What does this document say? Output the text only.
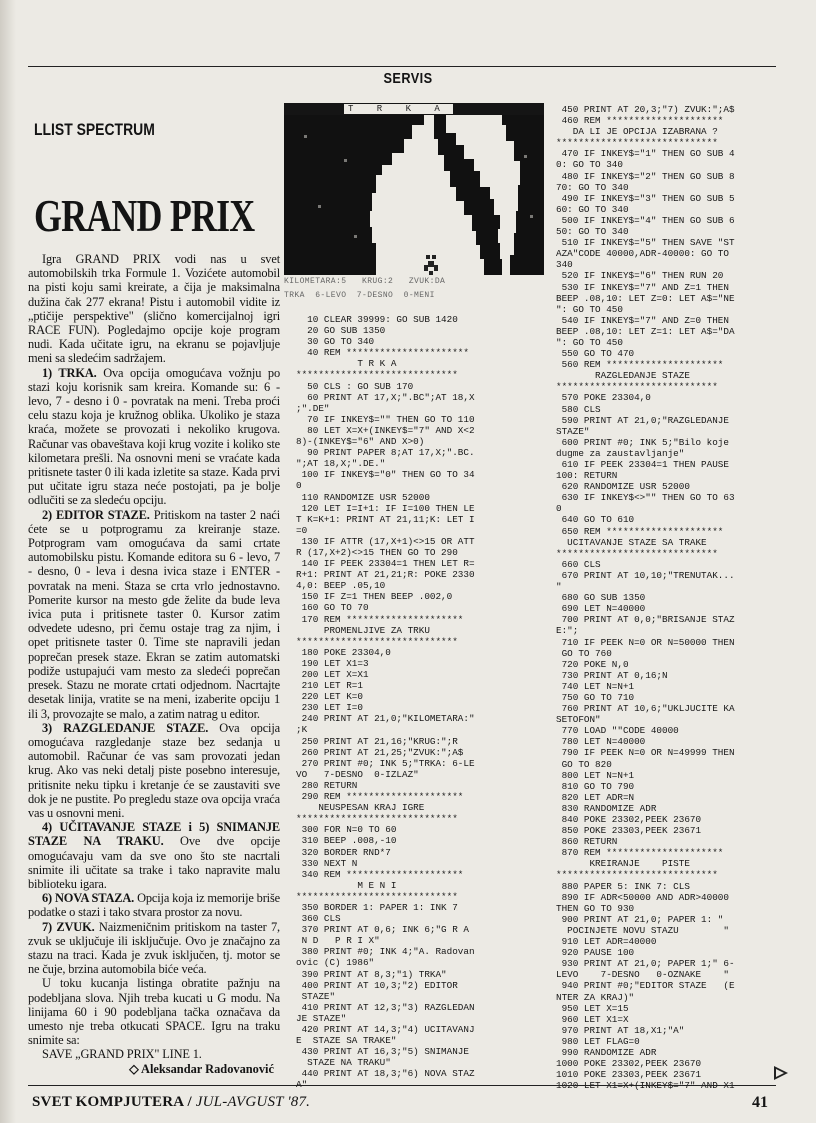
SERVIS
LLIST SPECTRUM
GRAND PRIX

Igra GRAND PRIX vodi nas u svet automobilskih trka Formule 1. Vozićete automobil na pisti koju sami kreirate, a čija je maksimalna dužina čak 277 ekrana! Pistu i automobil vidite iz „ptičije perspektive" (slično komercijalnoj igri RACE FUN). Pogledajmo opcije koje program nudi. Kada učitate igru, na ekranu se pojavljuje meni sa sledećim sadržajem.

1) TRKA. Ova opcija omogućava vožnju po stazi koju korisnik sam kreira. Komande su: 6 - levo, 7 - desno i 0 - povratak na meni. Treba proći celu stazu koja je kružnog oblika. Ukoliko je staza kraća, možete se provozati i nekoliko krugova. Računar vas obaveštava koji krug vozite i koliko ste kilometara prešli. Na osnovni meni se vraćate kada pritisnete taster 0 ili kada izletite sa staze. Kada prvi put učitate igru staza neće postojati, pa je bolje odlučiti se za sledeću opciju.

2) EDITOR STAZE. Pritiskom na taster 2 naći ćete se u potprogramu za kreiranje staze. Potprogram vam omogućava da sami crtate automobilsku pistu. Komande editora su 6 - levo, 7 - desno, 0 - leva i desna ivica staze i ENTER - povratak na meni. Staza se crta vrlo jednostavno. Pomerite kursor na mesto gde želite da bude leva ivica puta i pritisnete taster 0. Kursor zatim odvedete udesno, pri čemu ostaje trag za njim, i opet pritisnete taster 0. Time ste napravili jedan poprečan presek staze. Ekran se zatim automatski podiže ustupajući vam mesto za sledeći poprečan presek. Stazu ne morate crtati odjednom. Nacrtajte desetak linija, vratite se na meni, izaberite opciju 1 ili 3, provozajte se malo, a zatim natrag u editor.

3) RAZGLEDANJE STAZE. Ova opcija omogućava razgledanje staze bez sedanja u automobil. Računar će vas sam provozati jedan krug. Ako vas neki detalj piste posebno interesuje, pritisnite neku tipku i kretanje će se zaustaviti sve dok je ne pustite. Po pregledu staze ova opcija vraća vas u osnovni meni.

4) UČITAVANJE STAZE i 5) SNIMANJE STAZE NA TRAKU. Ove dve opcije omogućavaju vam da sve ono što ste nacrtali snimite ili učitate sa trake i tako napravite malu biblioteku igara.

6) NOVA STAZA. Opcija koja iz memorije briše podatke o stazi i tako stvara prostor za novu.

7) ZVUK. Naizmeničnim pritiskom na taster 7, zvuk se uključuje ili isključuje. Ovo je značajno za stazu na traci. Kada je zvuk isključen, tj. motor se ne čuje, brzina automobila biće veća.

U toku kucanja listinga obratite pažnju na podebljana slova. Njih treba kucati u G modu. Na linijama 60 i 90 podebljana tačka označava da umesto nje treba otkucati SPACE. Igru na traku snimite sa:

SAVE „GRAND PRIX" LINE 1.

◇ Aleksandar Radovanović
T R K A
KILOMETARA:5   KRUG:2   ZVUK:DA
TRKA  6-LEVO  7-DESNO  0-MENI
10 CLEAR 39999: GO SUB 1420
20 GO SUB 1350
30 GO TO 340
40 REM **********************
T R K A
*****************************
50 CLS : GO SUB 170
60 PRINT AT 17,X;".BC";AT 18,X
;".DE"
70 IF INKEY$="" THEN GO TO 110
80 LET X=X+(INKEY$="7" AND X<2
8)-(INKEY$="6" AND X>0)
90 PRINT PAPER 8;AT 17,X;".BC.
";AT 18,X;".DE."
100 IF INKEY$="0" THEN GO TO 34
0
110 RANDOMIZE USR 52000
120 LET I=I+1: IF I=100 THEN LE
T K=K+1: PRINT AT 21,11;K: LET I
=0
130 IF ATTR (17,X+1)<>15 OR ATT
R (17,X+2)<>15 THEN GO TO 290
140 IF PEEK 23304=1 THEN LET R=
R+1: PRINT AT 21,21;R: POKE 2330
4,0: BEEP .05,10
150 IF Z=1 THEN BEEP .002,0
160 GO TO 70
170 REM *********************
PROMENLJIVE ZA TRKU
*****************************
180 POKE 23304,0
190 LET X1=3
200 LET X=X1
210 LET R=1
220 LET K=0
230 LET I=0
240 PRINT AT 21,0;"KILOMETARA:"
;K
250 PRINT AT 21,16;"KRUG:";R
260 PRINT AT 21,25;"ZVUK:";A$
270 PRINT #0; INK 5;"TRKA: 6-LE
VO   7-DESNO  0-IZLAZ"
280 RETURN
290 REM *********************
NEUSPESAN KRAJ IGRE
*****************************
300 FOR N=0 TO 60
310 BEEP .008,-10
320 BORDER RND*7
330 NEXT N
340 REM *********************
M E N I
*****************************
350 BORDER 1: PAPER 1: INK 7
360 CLS
370 PRINT AT 0,6; INK 6;"G R A
N D   P R I X"
380 PRINT #0; INK 4;"A. Radovan
ovic (C) 1986"
390 PRINT AT 8,3;"1) TRKA"
400 PRINT AT 10,3;"2) EDITOR
STAZE"
410 PRINT AT 12,3;"3) RAZGLEDAN
JE STAZE"
420 PRINT AT 14,3;"4) UCITAVANJ
E  STAZE SA TRAKE"
430 PRINT AT 16,3;"5) SNIMANJE
STAZE NA TRAKU"
440 PRINT AT 18,3;"6) NOVA STAZ
A"
450 PRINT AT 20,3;"7) ZVUK:";A$
460 REM *********************
DA LI JE OPCIJA IZABRANA ?
*****************************
470 IF INKEY$="1" THEN GO SUB 4
0: GO TO 340
480 IF INKEY$="2" THEN GO SUB 8
70: GO TO 340
490 IF INKEY$="3" THEN GO SUB 5
60: GO TO 340
500 IF INKEY$="4" THEN GO SUB 6
50: GO TO 340
510 IF INKEY$="5" THEN SAVE "ST
AZA"CODE 40000,ADR-40000: GO TO
340
520 IF INKEY$="6" THEN RUN 20
530 IF INKEY$="7" AND Z=1 THEN
BEEP .08,10: LET Z=0: LET A$="NE
": GO TO 450
540 IF INKEY$="7" AND Z=0 THEN
BEEP .08,10: LET Z=1: LET A$="DA
": GO TO 450
550 GO TO 470
560 REM *********************
RAZGLEDANJE STAZE
*****************************
570 POKE 23304,0
580 CLS
590 PRINT AT 21,0;"RAZGLEDANJE
STAZE"
600 PRINT #0; INK 5;"Bilo koje
dugme za zaustavljanje"
610 IF PEEK 23304=1 THEN PAUSE
100: RETURN
620 RANDOMIZE USR 52000
630 IF INKEY$<>"" THEN GO TO 63
0
640 GO TO 610
650 REM *********************
UCITAVANJE STAZE SA TRAKE
*****************************
660 CLS
670 PRINT AT 10,10;"TRENUTAK...
"
680 GO SUB 1350
690 LET N=40000
700 PRINT AT 0,0;"BRISANJE STAZ
E:";
710 IF PEEK N=0 OR N=50000 THEN
GO TO 760
720 POKE N,0
730 PRINT AT 0,16;N
740 LET N=N+1
750 GO TO 710
760 PRINT AT 10,6;"UKLJUCITE KA
SETOFON"
770 LOAD ""CODE 40000
780 LET N=40000
790 IF PEEK N=0 OR N=49999 THEN
GO TO 820
800 LET N=N+1
810 GO TO 790
820 LET ADR=N
830 RANDOMIZE ADR
840 POKE 23302,PEEK 23670
850 POKE 23303,PEEK 23671
860 RETURN
870 REM *********************
KREIRANJE    PISTE
*****************************
880 PAPER 5: INK 7: CLS
890 IF ADR<50000 AND ADR>40000
THEN GO TO 930
900 PRINT AT 21,0; PAPER 1: "
POCINJETE NOVU STAZU        "
910 LET ADR=40000
920 PAUSE 100
930 PRINT AT 21,0; PAPER 1;" 6-
LEVO    7-DESNO   0-OZNAKE    "
940 PRINT #0;"EDITOR STAZE   (E
NTER ZA KRAJ)"
950 LET X=15
960 LET X1=X
970 PRINT AT 18,X1;"A"
980 LET FLAG=0
990 RANDOMIZE ADR
1000 POKE 23302,PEEK 23670
1010 POKE 23303,PEEK 23671
1020 LET X1=X+(INKEY$="7" AND X1
SVET KOMPJUTERA / JUL-AVGUST '87.	41
